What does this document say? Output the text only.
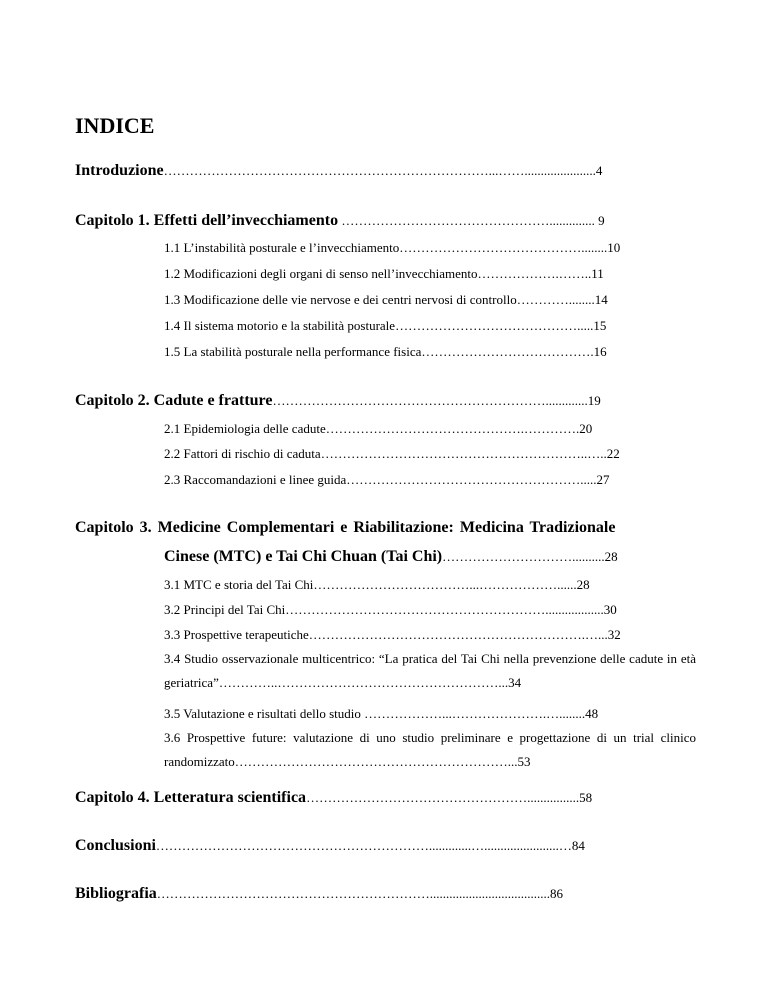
INDICE
Introduzione…………………………………………………………………...……......................4
Capitolo 1. Effetti dell’invecchiamento ………………………………………….............. 9
1.1 L’instabilità posturale e l’invecchiamento……………………………………........10
1.2 Modificazioni degli organi di senso nell’invecchiamento……………….……..11
1.3 Modificazione delle vie nervose e dei centri nervosi di controllo…………........14
1.4 Il sistema motorio e la stabilità posturale…………………………………….....15
1.5 La stabilità posturale nella performance fisica………………………………….16
Capitolo 2. Cadute e fratture……………………………………………………….............19
2.1 Epidemiologia delle cadute……………………………………….………….20
2.2 Fattori di rischio di caduta……………………………………………………..…..22
2.3 Raccomandazioni e linee guida……………………………………………….....27
Capitolo 3. Medicine Complementari e Riabilitazione: Medicina Tradizionale
Cinese (MTC) e Tai Chi Chuan (Tai Chi)…………………………..........28
3.1 MTC e storia del Tai Chi………………………………...………………......28
3.2 Principi del Tai Chi……………………………………………………..................30
3.3 Prospettive terapeutiche……………………………………………………….…...32
3.4 Studio osservazionale multicentrico: “La pratica del Tai Chi nella prevenzione delle cadute in età geriatrica”…………..……………………………………………...34
3.5 Valutazione e risultati dello studio ………………...………………….…........48
3.6 Prospettive future: valutazione di uno studio preliminare e progettazione di un trial clinico randomizzato………………………………………………………...53
Capitolo 4. Letteratura scientifica……………………………………………................58
Conclusioni……………………………………………………….............….......................…84
Bibliografia……………………………………………………….....................................86
